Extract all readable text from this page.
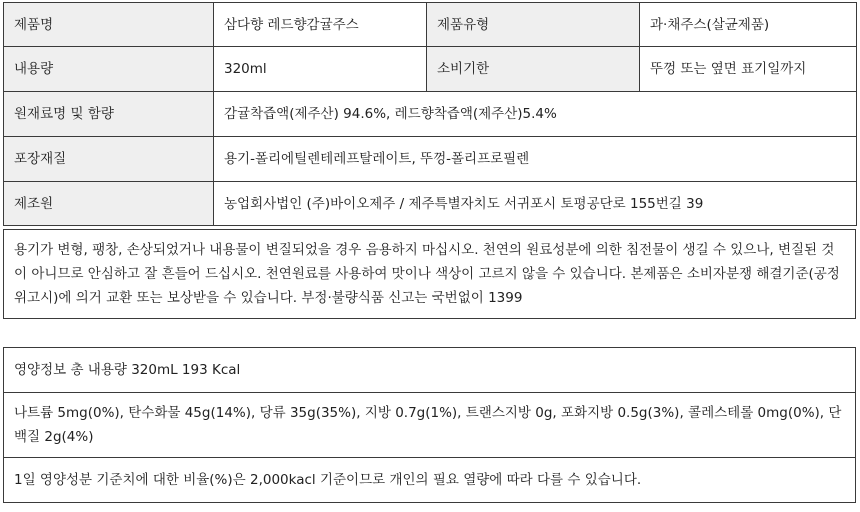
제품명	삼다향 레드향감귤주스	제품유형	과·채주스(살균제품)
내용량	320ml	소비기한	뚜껑 또는 옆면 표기일까지
원재료명 및 함량	감귤착즙액(제주산) 94.6%, 레드향착즙액(제주산)5.4%		
포장재질	용기-폴리에틸렌테레프탈레이트, 뚜껑-폴리프로필렌		
제조원	농업회사법인 (주)바이오제주 / 제주특별자치도 서귀포시 토평공단로 155번길 39		
용기가 변형, 팽창, 손상되었거나 내용물이 변질되었을 경우 음용하지 마십시오. 천연의 원료성분에 의한 침전물이 생길 수 있으나, 변질된 것이 아니므로 안심하고 잘 흔들어 드십시오. 천연원료를 사용하여 맛이나 색상이 고르지 않을 수 있습니다. 본제품은 소비자분쟁 해결기준(공정위고시)에 의거 교환 또는 보상받을 수 있습니다. 부정·불량식품 신고는 국번없이 1399
영양정보 총 내용량 320mL 193 Kcal
나트륨 5mg(0%), 탄수화물 45g(14%), 당류 35g(35%), 지방 0.7g(1%), 트랜스지방 0g, 포화지방 0.5g(3%), 콜레스테롤 0mg(0%), 단백질 2g(4%)
1일 영양성분 기준치에 대한 비율(%)은 2,000kacl 기준이므로 개인의 필요 열량에 따라 다를 수 있습니다.
